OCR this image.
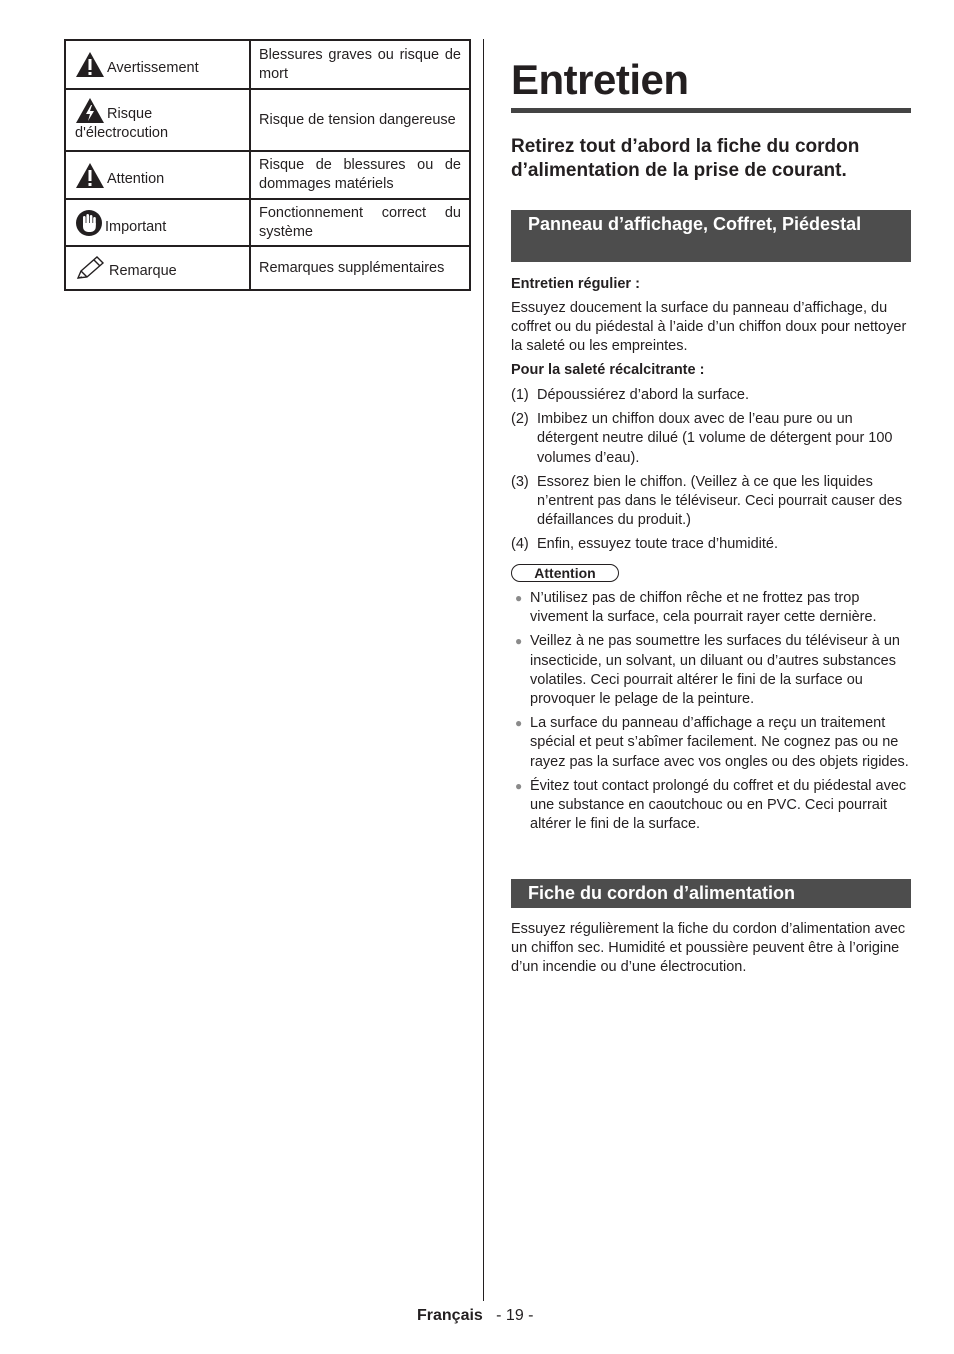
Avertissement	Blessures graves ou risque de mort

Risque d'électrocution	Risque de tension dangereuse

Attention	Risque de blessures ou de dommages matériels

Important	Fonctionnement correct du système

Remarque	Remarques supplémentaires
Entretien

Retirez tout d’abord la fiche du cordon d’alimentation de la prise de courant.

Panneau d’affichage, Coffret, Piédestal

Entretien régulier :

Essuyez doucement la surface du panneau d’affichage, du coffret ou du piédestal à l’aide d’un chiffon doux pour nettoyer la saleté ou les empreintes.

Pour la saleté récalcitrante :

(1) Dépoussiérez d’abord la surface.
(2) Imbibez un chiffon doux avec de l’eau pure ou un détergent neutre dilué (1 volume de détergent pour 100 volumes d’eau).
(3) Essorez bien le chiffon. (Veillez à ce que les liquides n’entrent pas dans le téléviseur. Ceci pourrait causer des défaillances du produit.)
(4) Enfin, essuyez toute trace d’humidité.
Attention
● N’utilisez pas de chiffon rêche et ne frottez pas trop vivement la surface, cela pourrait rayer cette dernière.
● Veillez à ne pas soumettre les surfaces du téléviseur à un insecticide, un solvant, un diluant ou d’autres substances volatiles. Ceci pourrait altérer le fini de la surface ou provoquer le pelage de la peinture.
● La surface du panneau d’affichage a reçu un traitement spécial et peut s’abîmer facilement. Ne cognez pas ou ne rayez pas la surface avec vos ongles ou des objets rigides.
● Évitez tout contact prolongé du coffret et du piédestal avec une substance en caoutchouc ou en PVC. Ceci pourrait altérer le fini de la surface.
Fiche du cordon d’alimentation

Essuyez régulièrement la fiche du cordon d’alimentation avec un chiffon sec. Humidité et poussière peuvent être à l’origine d’un incendie ou d’une électrocution.

Français - 19 -
